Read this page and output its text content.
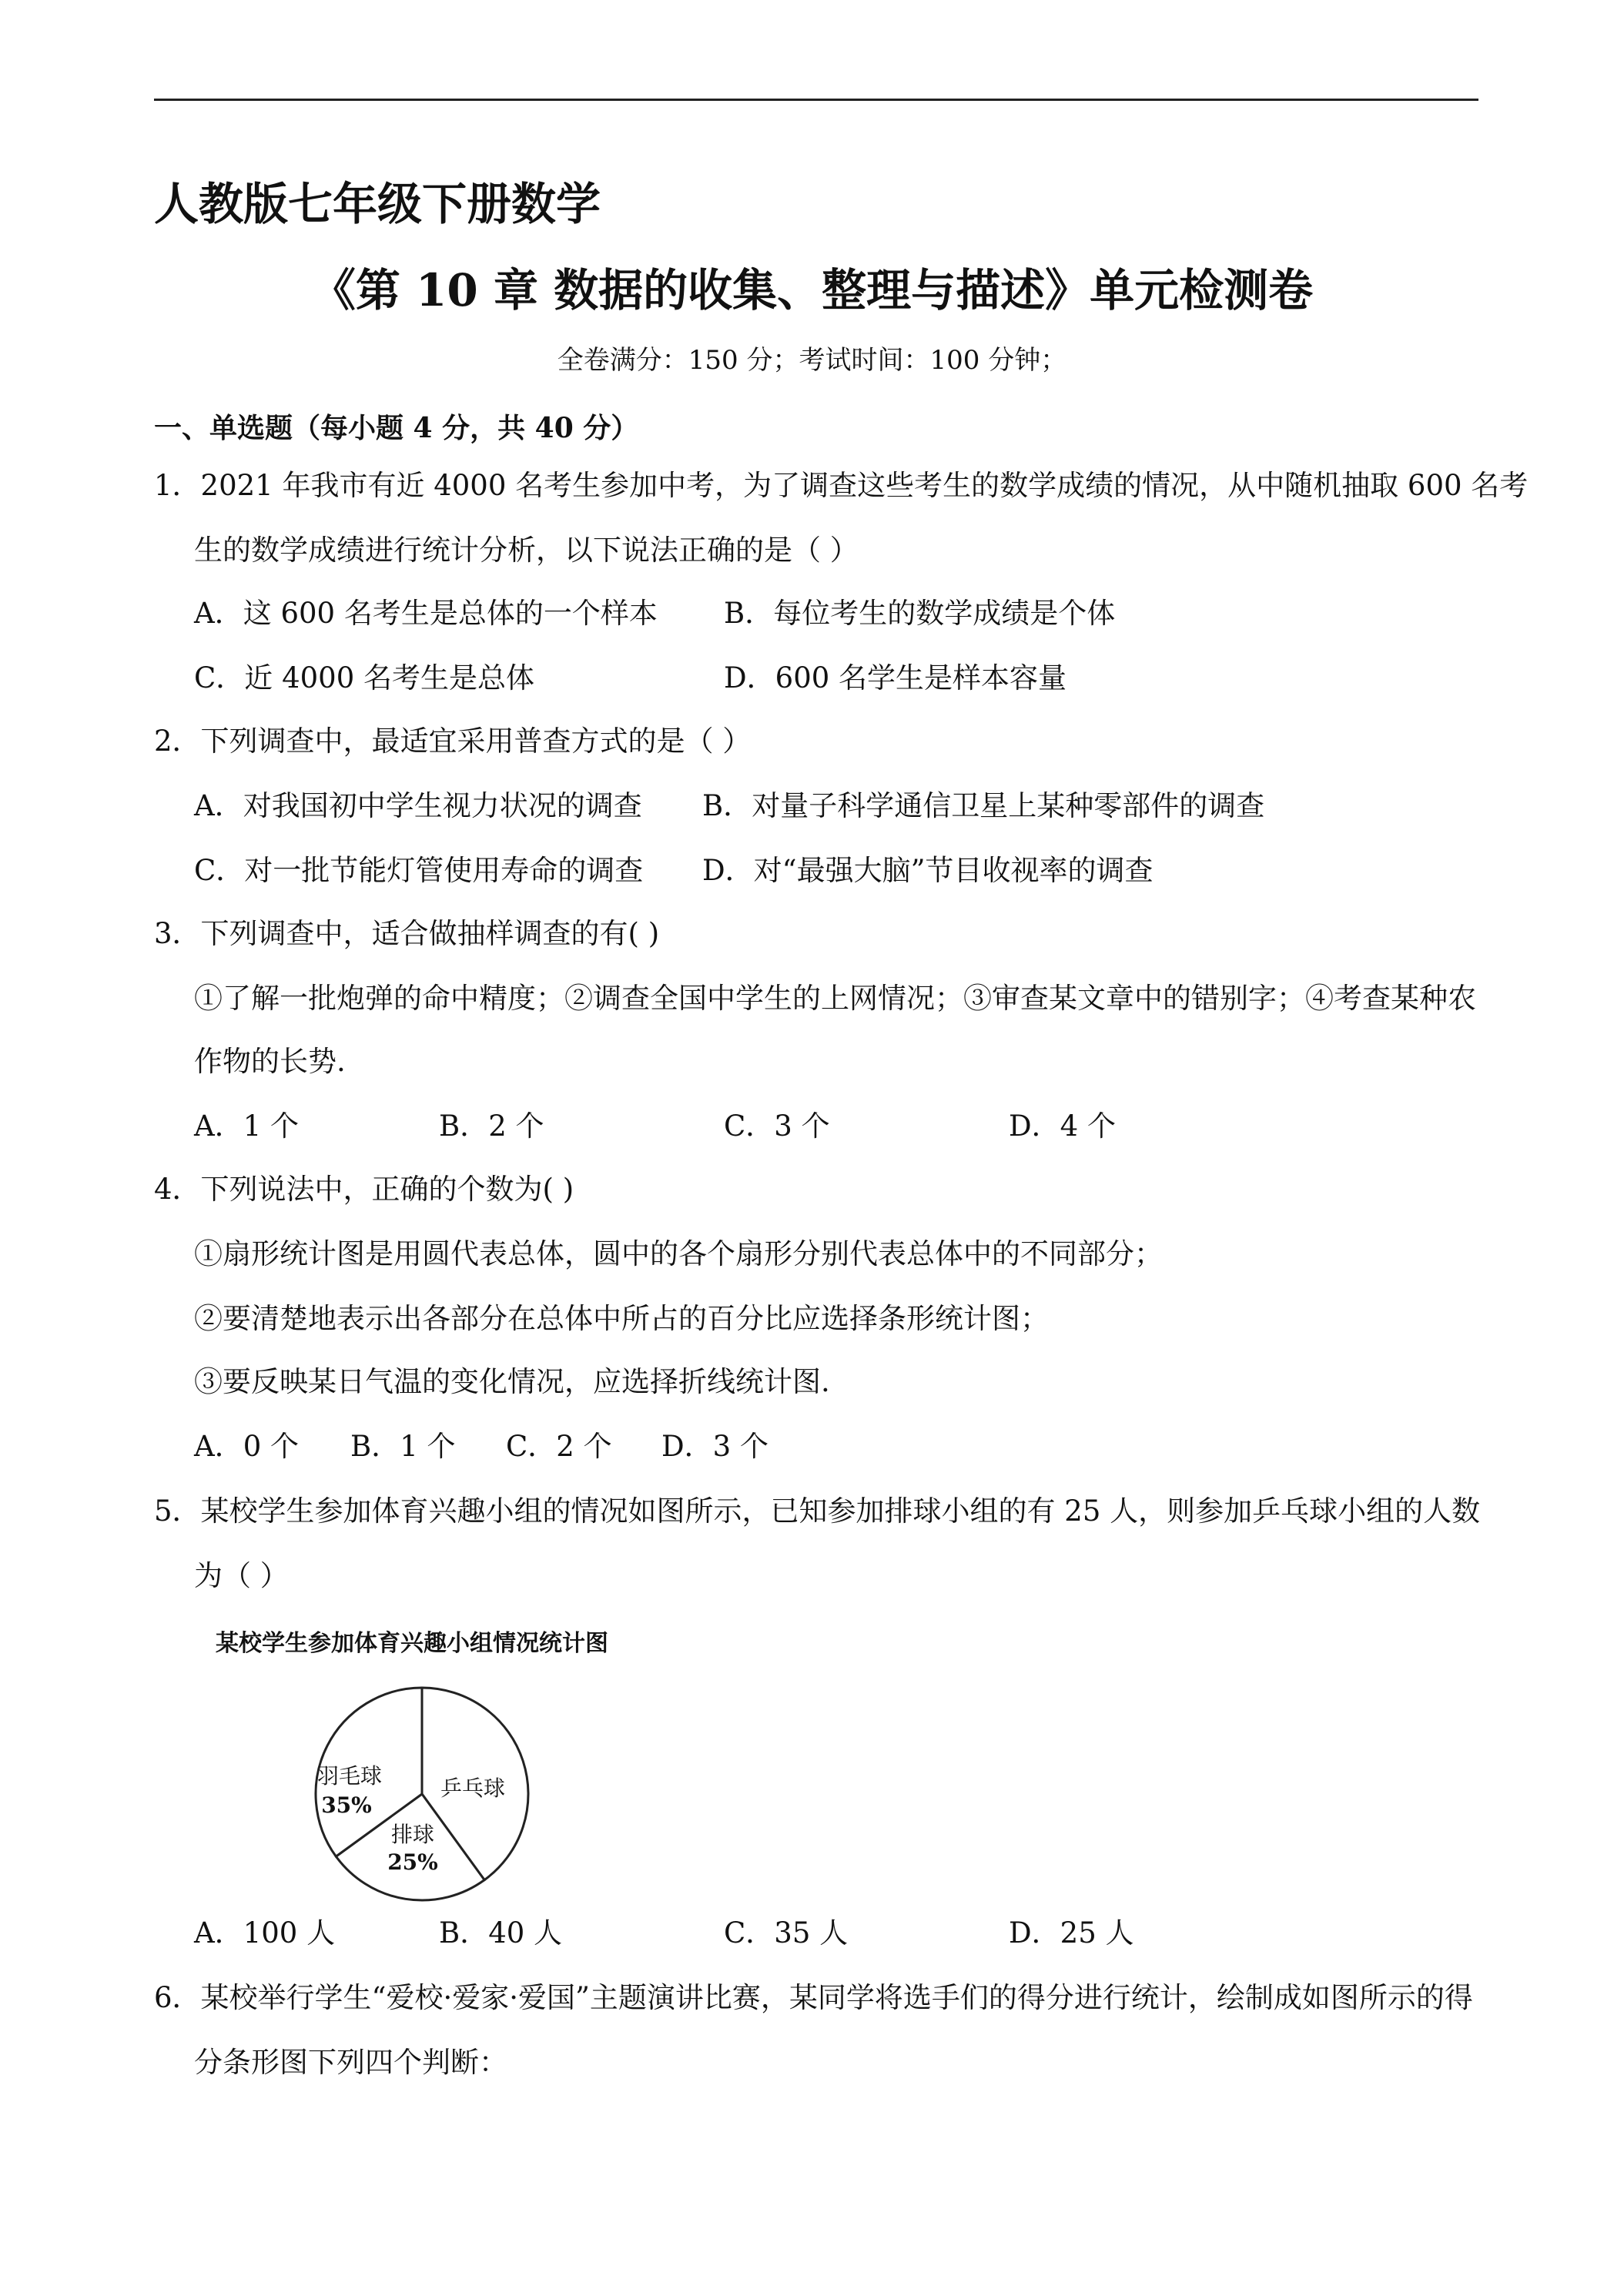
人教版七年级下册数学
《第 10 章 数据的收集、整理与描述》单元检测卷
全卷满分：150 分；考试时间：100 分钟；
一、单选题（每小题 4 分，共 40 分）
1．2021 年我市有近 4000 名考生参加中考，为了调查这些考生的数学成绩的情况，从中随机抽取 600 名考
生的数学成绩进行统计分析，以下说法正确的是（ ）
A．这 600 名考生是总体的一个样本 B．每位考生的数学成绩是个体
C．近 4000 名考生是总体	D．600 名学生是样本容量
2．下列调查中，最适宜采用普查方式的是（ ）
A．对我国初中学生视力状况的调查 B．对量子科学通信卫星上某种零部件的调查
C．对一批节能灯管使用寿命的调查 D．对“最强大脑”节目收视率的调查
3．下列调查中，适合做抽样调查的有( )
①了解一批炮弹的命中精度；②调查全国中学生的上网情况；③审查某文章中的错别字；④考查某种农
作物的长势.
A．1 个	B．2 个	C．3 个	D．4 个
4．下列说法中，正确的个数为( )
①扇形统计图是用圆代表总体，圆中的各个扇形分别代表总体中的不同部分；
②要清楚地表示出各部分在总体中所占的百分比应选择条形统计图；
③要反映某日气温的变化情况，应选择折线统计图.
A．0 个 B．1 个 C．2 个 D．3 个
5．某校学生参加体育兴趣小组的情况如图所示，已知参加排球小组的有 25 人，则参加乒乓球小组的人数
为（ ）
某校学生参加体育兴趣小组情况统计图
羽毛球
35%
排球
25%
乒乓球
A．100 人	B．40 人	C．35 人	D．25 人
6．某校举行学生“爱校·爱家·爱国”主题演讲比赛，某同学将选手们的得分进行统计，绘制成如图所示的得
分条形图下列四个判断：
